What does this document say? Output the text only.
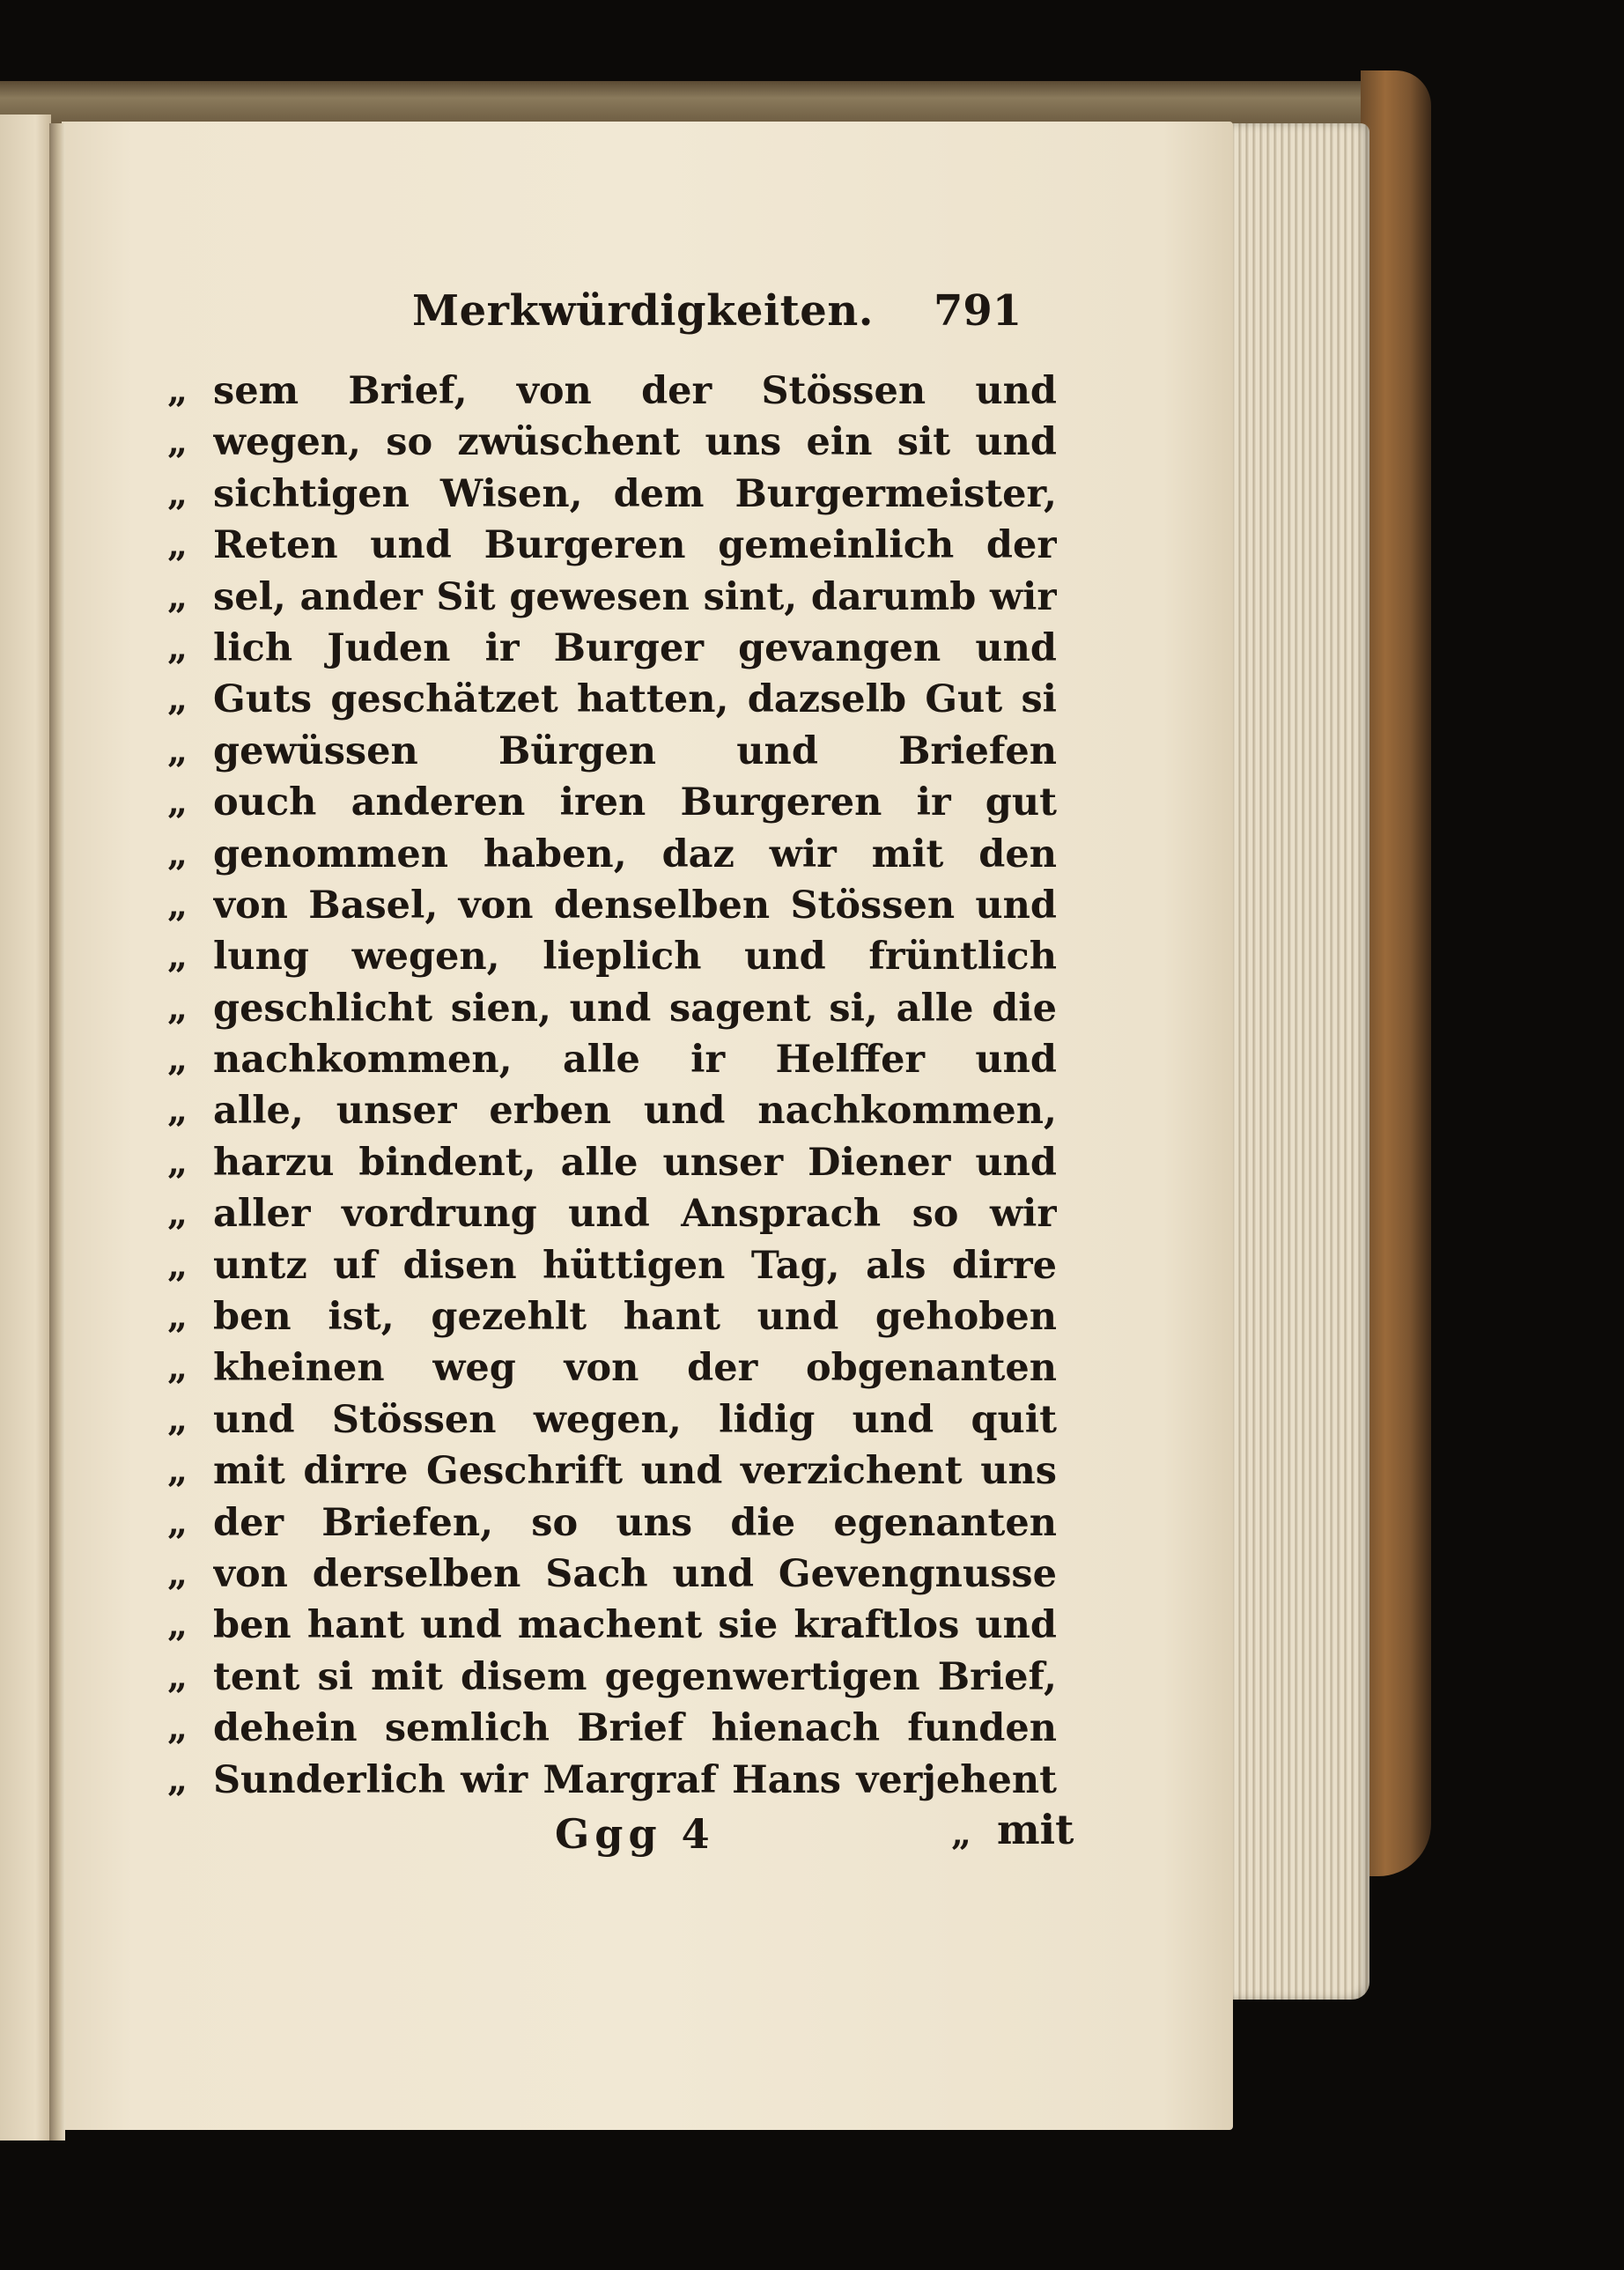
Merkwürdigkeiten. 791
„ sem Brief, von der Stössen und
„ wegen, so zwüschent uns ein sit und
„ sichtigen Wisen, dem Burgermeister,
„ Reten und Burgeren gemeinlich der
„ sel, ander Sit gewesen sint, darumb wir
„ lich Juden ir Burger gevangen und
„ Guts geschätzet hatten, dazselb Gut si
„ gewüssen Bürgen und Briefen
„ ouch anderen iren Burgeren ir gut
„ genommen haben, daz wir mit den
„ von Basel, von denselben Stössen und
„ lung wegen, lieplich und früntlich
„ geschlicht sien, und sagent si, alle die
„ nachkommen, alle ir Helffer und
„ alle, unser erben und nachkommen,
„ harzu bindent, alle unser Diener und
„ aller vordrung und Ansprach so wir
„ untz uf disen hüttigen Tag, als dirre
„ ben ist, gezehlt hant und gehoben
„ kheinen weg von der obgenanten
„ und Stössen wegen, lidig und quit
„ mit dirre Geschrift und verzichent uns
„ der Briefen, so uns die egenanten
„ von derselben Sach und Gevengnusse
„ ben hant und machent sie kraftlos und
„ tent si mit disem gegenwertigen Brief,
„ dehein semlich Brief hienach funden
„ Sunderlich wir Margraf Hans verjehent
Ggg 4	„ mit
